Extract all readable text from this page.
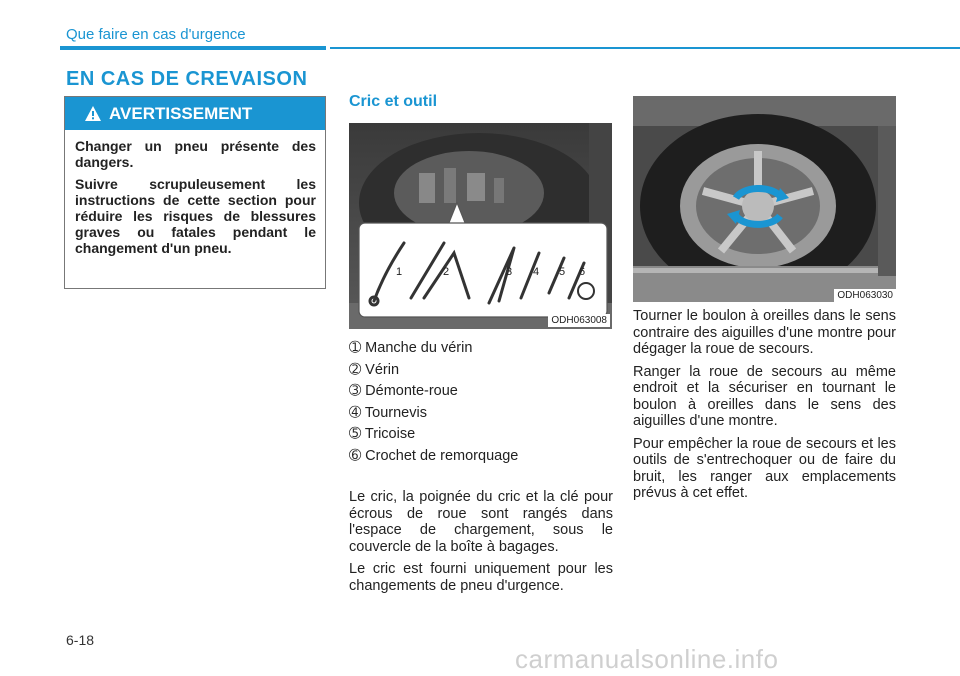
Que faire en cas d'urgence
EN CAS DE CREVAISON
AVERTISSEMENT

Changer un pneu présente des dangers.

Suivre scrupuleusement les instructions de cette section pour réduire les risques de blessures graves ou fatales pendant le changement d'un pneu.

Cric et outil
1	2	3 4 5 6
ODH063008
➀ Manche du vérin
➁ Vérin
➂ Démonte-roue
➃ Tournevis
➄ Tricoise
➅ Crochet de remorquage

Le cric, la poignée du cric et la clé pour écrous de roue sont rangés dans l'espace de chargement, sous le couvercle de la boîte à bagages.

Le cric est fourni uniquement pour les changements de pneu d'urgence.

ODH063030

Tourner le boulon à oreilles dans le sens contraire des aiguilles d'une montre pour dégager la roue de secours.

Ranger la roue de secours au même endroit et la sécuriser en tournant le boulon à oreilles dans le sens des aiguilles d'une montre.

Pour empêcher la roue de secours et les outils de s'entrechoquer ou de faire du bruit, les ranger aux emplacements prévus à cet effet.

6-18
carmanualsonline.info
